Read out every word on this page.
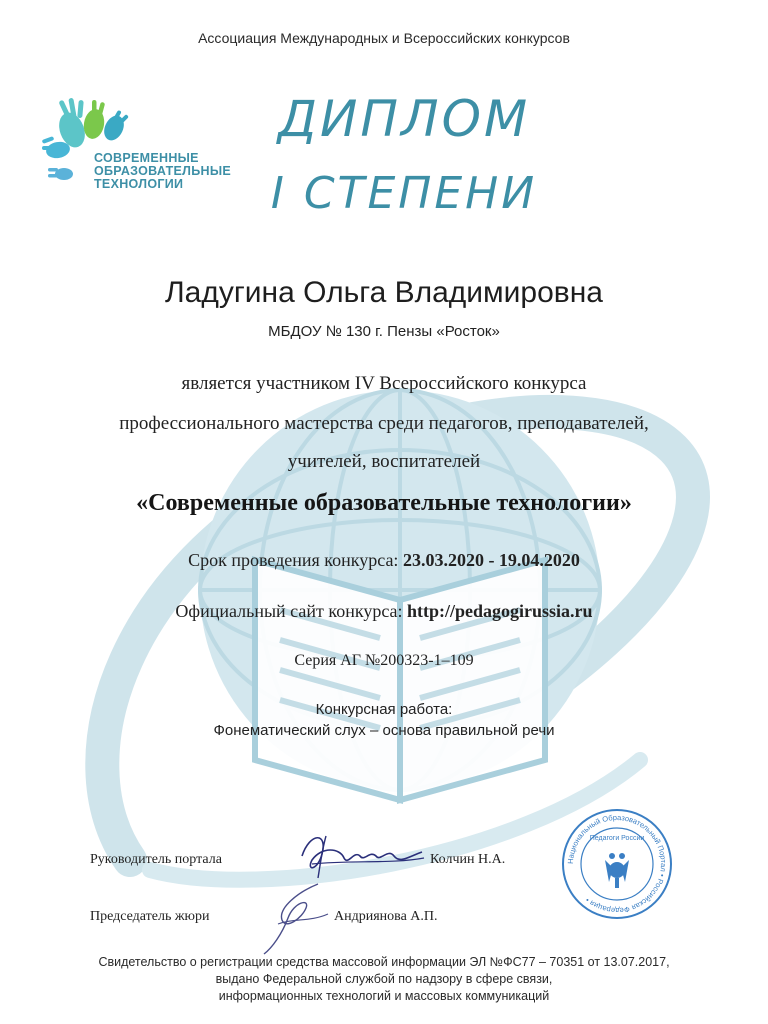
Ассоциация Международных и Всероссийских конкурсов
СОВРЕМЕННЫЕ
ОБРАЗОВАТЕЛЬНЫЕ
ТЕХНОЛОГИИ
ДИПЛОМ
I СТЕПЕНИ
Ладугина Ольга Владимировна
МБДОУ № 130 г. Пензы «Росток»
является участником IV Всероссийского конкурса
профессионального мастерства среди педагогов, преподавателей,
учителей, воспитателей
«Современные образовательные технологии»
Срок проведения конкурса: 23.03.2020 - 19.04.2020
Официальный сайт конкурса: http://pedagogirussia.ru
Серия АГ №200323-1–109
Конкурсная работа:
Фонематический слух – основа правильной речи
Руководитель портала	Колчин Н.А.
Председатель жюри	Андриянова А.П.
Национальный Образовательный Портал • Российская Федерация •
Педагоги России
Свидетельство о регистрации средства массовой информации ЭЛ №ФС77 – 70351 от 13.07.2017,
выдано Федеральной службой по надзору в сфере связи,
информационных технологий и массовых коммуникаций
